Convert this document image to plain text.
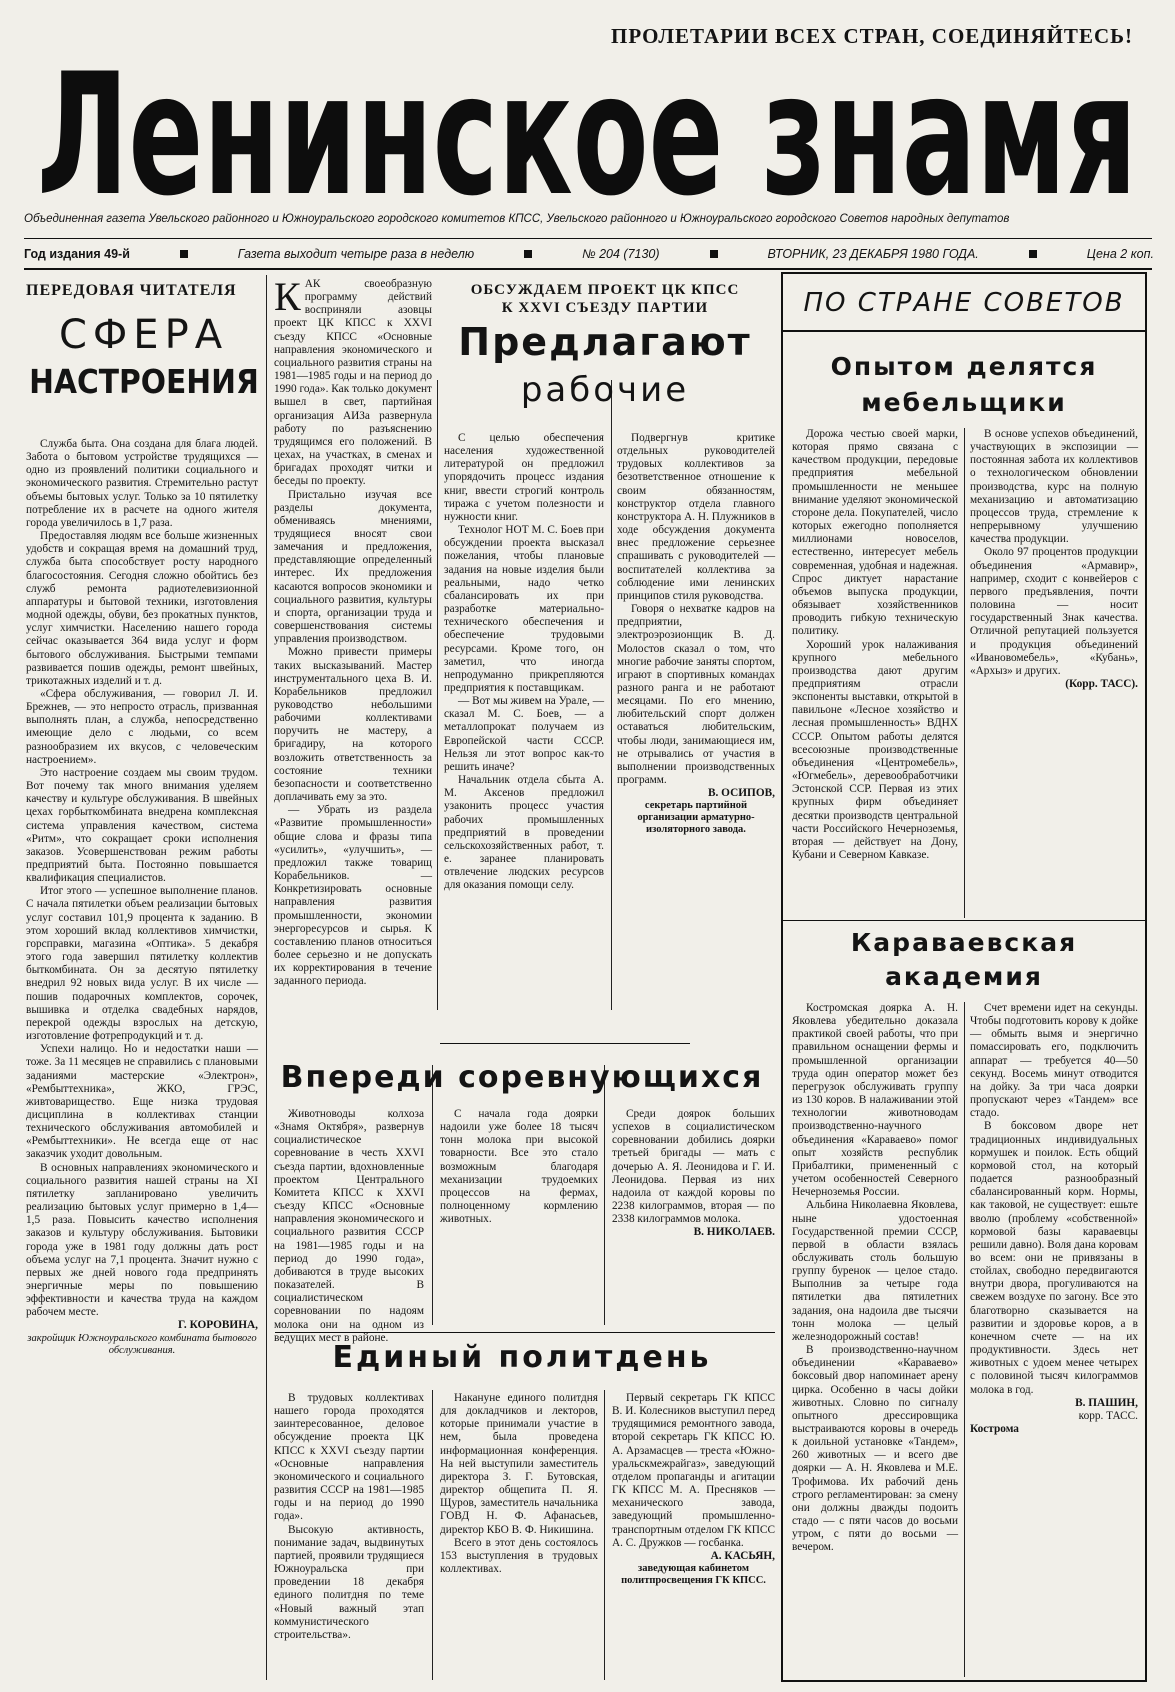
ПРОЛЕТАРИИ ВСЕХ СТРАН, СОЕДИНЯЙТЕСЬ!
Ленинское знамя
Объединенная газета Увельского районного и Южноуральского городского комитетов КПСС, Увельского районного и Южноуральского городского Советов народных депутатов
Год издания 49-й	Газета выходит четыре раза в неделю	№ 204 (7130)	ВТОРНИК, 23 ДЕКАБРЯ 1980 ГОДА.	Цена 2 коп.
ПЕРЕДОВАЯ ЧИТАТЕЛЯ
СФЕРА
НАСТРОЕНИЯ

Служба быта. Она создана для блага людей. Забота о бытовом устройстве трудящихся — одно из проявлений политики социального и экономического развития. Стремительно растут объемы бытовых услуг. Только за 10 пятилетку потребление их в расчете на одного жителя города увеличилось в 1,7 раза.

Предоставляя людям все больше жизненных удобств и сокращая время на домашний труд, служба быта способствует росту народного благосостояния. Сегодня сложно обойтись без служб ремонта радиотелевизионной аппаратуры и бытовой техники, изготовления модной одежды, обуви, без прокатных пунктов, услуг химчистки. Населению нашего города сейчас оказывается 364 вида услуг и форм бытового обслуживания. Быстрыми темпами развивается пошив одежды, ремонт швейных, трикотажных изделий и т. д.

«Сфера обслуживания, — говорил Л. И. Брежнев, — это непросто отрасль, призванная выполнять план, а служба, непосредственно имеющие дело с людьми, со всем разнообразием их вкусов, с человеческим настроением».

Это настроение создаем мы своим трудом. Вот почему так много внимания уделяем качеству и культуре обслуживания. В швейных цехах горбыткомбината внедрена комплексная система управления качеством, система «Ритм», что сокращает сроки исполнения заказов. Усовершенствован режим работы предприятий быта. Постоянно повышается квалификация специалистов.

Итог этого — успешное выполнение планов. С начала пятилетки объем реализации бытовых услуг составил 101,9 процента к заданию. В этом хороший вклад коллективов химчистки, горсправки, магазина «Оптика». 5 декабря этого года завершил пятилетку коллектив быткомбината. Он за десятую пятилетку внедрил 92 новых вида услуг. В их числе — пошив подарочных комплектов, сорочек, вышивка и отделка свадебных нарядов, перекрой одежды взрослых на детскую, изготовление фотрепродукций и т. д.

Успехи налицо. Но и недостатки наши — тоже. За 11 месяцев не справились с плановыми заданиями мастерские «Электрон», «Рембыттехника», ЖКО, ГРЭС, живтоварищество. Еще низка трудовая дисциплина в коллективах станции технического обслуживания автомобилей и «Рембыттехники». Не всегда еще от нас заказчик уходит довольным.

В основных направлениях экономического и социального развития нашей страны на XI пятилетку запланировано увеличить реализацию бытовых услуг примерно в 1,4—1,5 раза. Повысить качество исполнения заказов и культуру обслуживания. Бытовики города уже в 1981 году должны дать рост объема услуг на 7,1 процента. Значит нужно с первых же дней нового года предпринять энергичные меры по повышению эффективности и качества труда на каждом рабочем месте.

Г. КОРОВИНА,
закройщик Южноуральского комбината бытового обслуживания.
ОБСУЖДАЕМ ПРОЕКТ ЦК КПСС
К XXVI СЪЕЗДУ ПАРТИИ
Предлагают
рабочие

КАК своеобразную программу действий восприняли азовцы проект ЦК КПСС к XXVI съезду КПСС «Основные направления экономического и социального развития страны на 1981—1985 годы и на период до 1990 года». Как только документ вышел в свет, партийная организация АИЗа развернула работу по разъяснению трудящимся его положений. В цехах, на участках, в сменах и бригадах проходят читки и беседы по проекту.

Пристально изучая все разделы документа, обмениваясь мнениями, трудящиеся вносят свои замечания и предложения, представляющие определенный интерес. Их предложения касаются вопросов экономики и социального развития, культуры и спорта, организации труда и совершенствования системы управления производством.

Можно привести примеры таких высказываний. Мастер инструментального цеха В. И. Корабельников предложил руководство небольшими рабочими коллективами поручить не мастеру, а бригадиру, на которого возложить ответственность за состояние техники безопасности и соответственно доплачивать ему за это.

— Убрать из раздела «Развитие промышленности» общие слова и фразы типа «усилить», «улучшить», — предложил также товарищ Корабельников. — Конкретизировать основные направления развития промышленности, экономии энергоресурсов и сырья. К составлению планов относиться более серьезно и не допускать их корректирования в течение заданного периода.

С целью обеспечения населения художественной литературой он предложил упорядочить процесс издания книг, ввести строгий контроль тиража с учетом полезности и нужности книг.

Технолог НОТ М. С. Боев при обсуждении проекта высказал пожелания, чтобы плановые задания на новые изделия были реальными, надо четко сбалансировать их при разработке материально-технического обеспечения и обеспечение трудовыми ресурсами. Кроме того, он заметил, что иногда непродуманно прикрепляются предприятия к поставщикам.

— Вот мы живем на Урале, — сказал М. С. Боев, — а металлопрокат получаем из Европейской части СССР. Нельзя ли этот вопрос как-то решить иначе?

Начальник отдела сбыта А. М. Аксенов предложил узаконить процесс участия рабочих промышленных предприятий в проведении сельскохозяйственных работ, т. е. заранее планировать отвлечение людских ресурсов для оказания помощи селу.

Подвергнув критике отдельных руководителей трудовых коллективов за безответственное отношение к своим обязанностям, конструктор отдела главного конструктора А. Н. Плужников в ходе обсуждения документа внес предложение серьезнее спрашивать с руководителей — воспитателей коллектива за соблюдение ими ленинских принципов стиля руководства.

Говоря о нехватке кадров на предприятии, электроэрозионщик В. Д. Молостов сказал о том, что многие рабочие заняты спортом, играют в спортивных командах разного ранга и не работают месяцами. По его мнению, любительский спорт должен оставаться любительским, чтобы люди, занимающиеся им, не отрывались от участия в выполнении производственных программ.

В. ОСИПОВ,
секретарь партийной организации арматурно-изоляторного завода.
Впереди соревнующихся

Животноводы колхоза «Знамя Октября», развернув социалистическое соревнование в честь XXVI съезда партии, вдохновленные проектом Центрального Комитета КПСС к XXVI съезду КПСС «Основные направления экономического и социального развития СССР на 1981—1985 годы и на период до 1990 года», добиваются в труде высоких показателей. В социалистическом соревновании по надоям молока они на одном из ведущих мест в районе.

С начала года доярки надоили уже более 18 тысяч тонн молока при высокой товарности. Все это стало возможным благодаря механизации трудоемких процессов на фермах, полноценному кормлению животных.

Среди доярок больших успехов в социалистическом соревновании добились доярки третьей бригады — мать с дочерью А. Я. Леонидова и Г. И. Леонидова. Первая из них надоила от каждой коровы по 2238 килограммов, вторая — по 2338 килограммов молока.

В. НИКОЛАЕВ.
Единый политдень

В трудовых коллективах нашего города проходятся заинтересованное, деловое обсуждение проекта ЦК КПСС к XXVI съезду партии «Основные направления экономического и социального развития СССР на 1981—1985 годы и на период до 1990 года».

Высокую активность, понимание задач, выдвинутых партией, проявили трудящиеся Южноуральска при проведении 18 декабря единого политдня по теме «Новый важный этап коммунистического строительства».

Накануне единого политдня для докладчиков и лекторов, которые принимали участие в нем, была проведена информационная конференция. На ней выступили заместитель директора З. Г. Бутовская, директор общепита П. Я. Щуров, заместитель начальника ГОВД Н. Ф. Афанасьев, директор КБО В. Ф. Никишина.

Всего в этот день состоялось 153 выступления в трудовых коллективах.

Первый секретарь ГК КПСС В. И. Колесников выступил перед трудящимися ремонтного завода, второй секретарь ГК КПСС Ю. А. Арзамасцев — треста «Южно-уральскмежрайгаз», заведующий отделом пропаганды и агитации ГК КПСС М. А. Пресняков — механического завода, заведующий промышленно-транспортным отделом ГК КПСС А. С. Дружков — госбанка.

А. КАСЬЯН,
заведующая кабинетом политпросвещения ГК КПСС.
ПО СТРАНЕ СОВЕТОВ
Опытом делятся
мебельщики

Дорожа честью своей марки, которая прямо связана с качеством продукции, передовые предприятия мебельной промышленности не меньшее внимание уделяют экономической стороне дела. Покупателей, число которых ежегодно пополняется миллионами новоселов, естественно, интересует мебель современная, удобная и надежная. Спрос диктует нарастание объемов выпуска продукции, обязывает хозяйственников проводить гибкую техническую политику.

Хороший урок налаживания крупного мебельного производства дают другим предприятиям отрасли экспоненты выставки, открытой в павильоне «Лесное хозяйство и лесная промышленность» ВДНХ СССР. Опытом работы делятся всесоюзные производственные объединения «Центромебель», «Югмебель», деревообработчики Эстонской ССР. Первая из этих крупных фирм объединяет десятки производств центральной части Российского Нечерноземья, вторая — действует на Дону, Кубани и Северном Кавказе.

В основе успехов объединений, участвующих в экспозиции — постоянная забота их коллективов о технологическом обновлении производства, курс на полную механизацию и автоматизацию процессов труда, стремление к непрерывному улучшению качества продукции.

Около 97 процентов продукции объединения «Армавир», например, сходит с конвейеров с первого предъявления, почти половина — носит государственный Знак качества. Отличной репутацией пользуется и продукция объединений «Ивановомебель», «Кубань», «Архыз» и других.

(Корр. ТАСС).
Караваевская
академия

Костромская доярка А. Н. Яковлева убедительно доказала практикой своей работы, что при правильном оснащении фермы и промышленной организации труда один оператор может без перегрузок обслуживать группу из 130 коров. В налаживании этой технологии животноводам производственно-научного объединения «Караваево» помог опыт хозяйств республик Прибалтики, примененный с учетом особенностей Северного Нечерноземья России.

Альбина Николаевна Яковлева, ныне удостоенная Государственной премии СССР, первой в области взялась обслуживать столь большую группу буренок — целое стадо. Выполнив за четыре года пятилетки два пятилетних задания, она надоила две тысячи тонн молока — целый железнодорожный состав!

В производственно-научном объединении «Караваево» боксовый двор напоминает арену цирка. Особенно в часы дойки животных. Словно по сигналу опытного дрессировщика выстраиваются коровы в очередь к доильной установке «Тандем», 260 животных — и всего две доярки — А. Н. Яковлева и М.Е. Трофимова. Их рабочий день строго регламентирован: за смену они должны дважды подоить стадо — с пяти часов до восьми утром, с пяти до восьми — вечером.

Счет времени идет на секунды. Чтобы подготовить корову к дойке — обмыть вымя и энергично помассировать его, подключить аппарат — требуется 40—50 секунд. Восемь минут отводится на дойку. За три часа доярки пропускают через «Тандем» все стадо.

В боксовом дворе нет традиционных индивидуальных кормушек и поилок. Есть общий кормовой стол, на который подается разнообразный сбалансированный корм. Нормы, как таковой, не существует: ешьте вволю (проблему «собственной» кормовой базы караваевцы решили давно). Воля дана коровам во всем: они не привязаны в стойлах, свободно передвигаются внутри двора, прогуливаются на свежем воздухе по загону. Все это благотворно сказывается на развитии и здоровье коров, а в конечном счете — на их продуктивности. Здесь нет животных с удоем менее четырех с половиной тысяч килограммов молока в год.

В. ПАШИН,
корр. ТАСС.
Кострома
